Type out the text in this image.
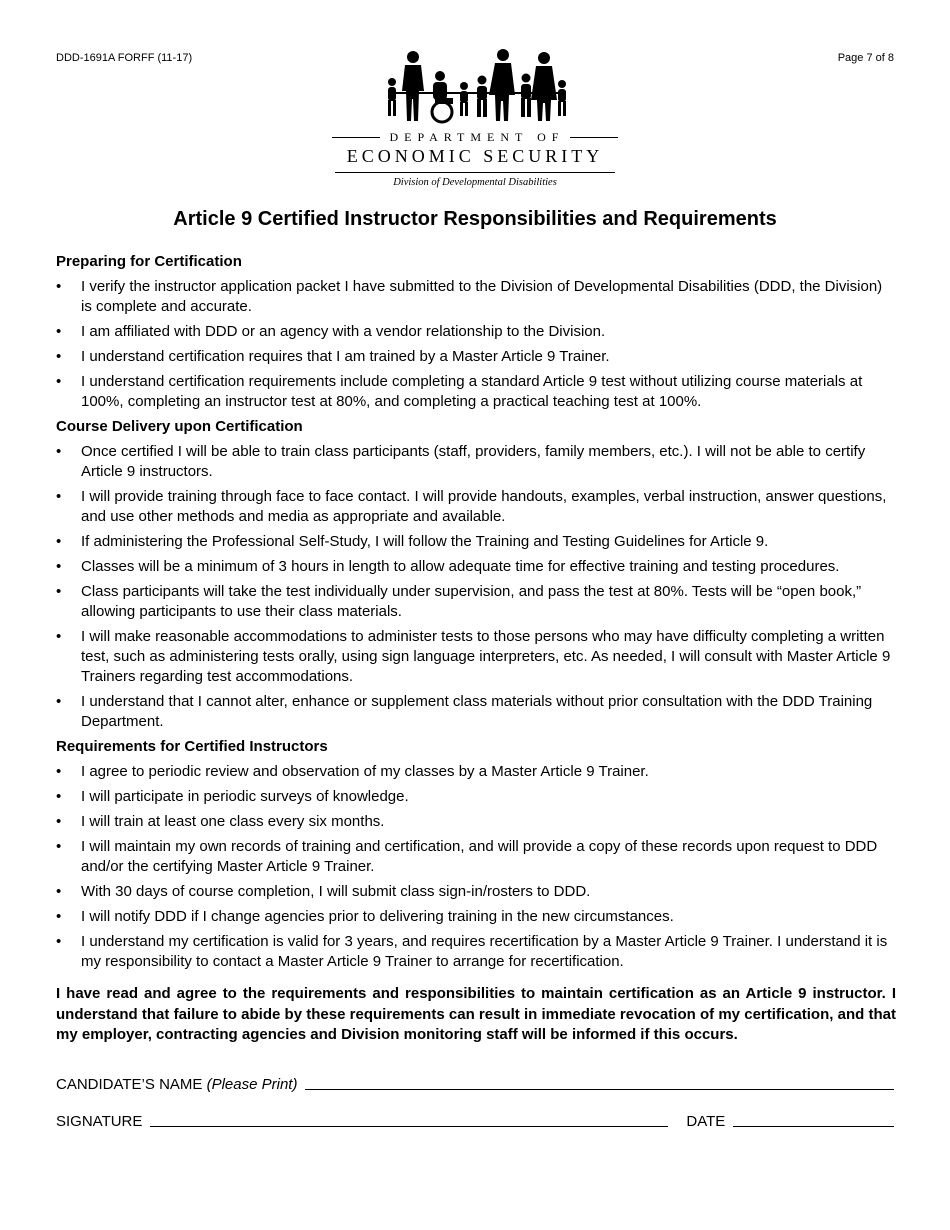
DDD-1691A FORFF (11-17)	Page 7 of 8
DEPARTMENT OF
ECONOMIC SECURITY
Division of Developmental Disabilities
Article 9 Certified Instructor Responsibilities and Requirements
Preparing for Certification
• I verify the instructor application packet I have submitted to the Division of Developmental Disabilities (DDD, the Division) is complete and accurate.
• I am affiliated with DDD or an agency with a vendor relationship to the Division.
• I understand certification requires that I am trained by a Master Article 9 Trainer.
• I understand certification requirements include completing a standard Article 9 test without utilizing course materials at 100%, completing an instructor test at 80%, and completing a practical teaching test at 100%.
Course Delivery upon Certification
• Once certified I will be able to train class participants (staff, providers, family members, etc.). I will not be able to certify Article 9 instructors.
• I will provide training through face to face contact. I will provide handouts, examples, verbal instruction, answer questions, and use other methods and media as appropriate and available.
• If administering the Professional Self-Study, I will follow the Training and Testing Guidelines for Article 9.
• Classes will be a minimum of 3 hours in length to allow adequate time for effective training and testing procedures.
• Class participants will take the test individually under supervision, and pass the test at 80%. Tests will be “open book,” allowing participants to use their class materials.
• I will make reasonable accommodations to administer tests to those persons who may have difficulty completing a written test, such as administering tests orally, using sign language interpreters, etc. As needed, I will consult with Master Article 9 Trainers regarding test accommodations.
• I understand that I cannot alter, enhance or supplement class materials without prior consultation with the DDD Training Department.
Requirements for Certified Instructors
• I agree to periodic review and observation of my classes by a Master Article 9 Trainer.
• I will participate in periodic surveys of knowledge.
• I will train at least one class every six months.
• I will maintain my own records of training and certification, and will provide a copy of these records upon request to DDD and/or the certifying Master Article 9 Trainer.
• With 30 days of course completion, I will submit class sign-in/rosters to DDD.
• I will notify DDD if I change agencies prior to delivering training in the new circumstances.
• I understand my certification is valid for 3 years, and requires recertification by a Master Article 9 Trainer. I understand it is my responsibility to contact a Master Article 9 Trainer to arrange for recertification.
I have read and agree to the requirements and responsibilities to maintain certification as an Article 9 instructor. I understand that failure to abide by these requirements can result in immediate revocation of my certification, and that my employer, contracting agencies and Division monitoring staff will be informed if this occurs.
CANDIDATE’S NAME (Please Print)
SIGNATURE	DATE
